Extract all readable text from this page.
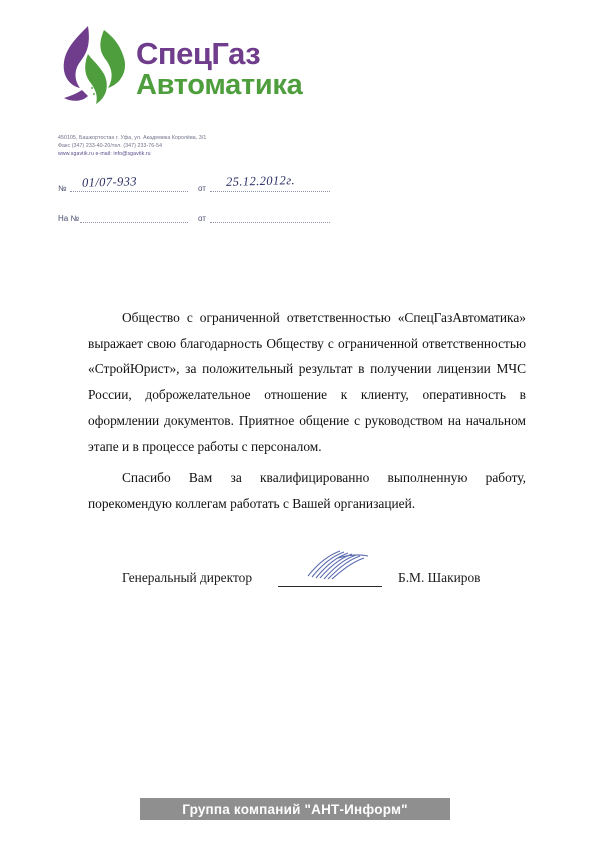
СпецГаз
Автоматика
450105, Башкортостан г. Уфа, ул. Академика Королёва, 3/1
Факс (347) 233-40-20/тел. (347) 233-76-54
www.sgavtik.ru e-mail: info@sgavtik.ru
№ 01/07-933	от 25.12.2012г.
На №	от

Общество с ограниченной ответственностью «СпецГазАвтоматика» выражает свою благодарность Обществу с ограниченной ответственностью «СтройЮрист», за положительный результат в получении лицензии МЧС России, доброжелательное отношение к клиенту, оперативность в оформлении документов. Приятное общение с руководством на начальном этапе и в процессе работы с персоналом.

Спасибо Вам за квалифицированно выполненную работу, порекомендую коллегам работать с Вашей организацией.

Генеральный директор	Б.М. Шакиров
Группа компаний "АНТ-Информ"
